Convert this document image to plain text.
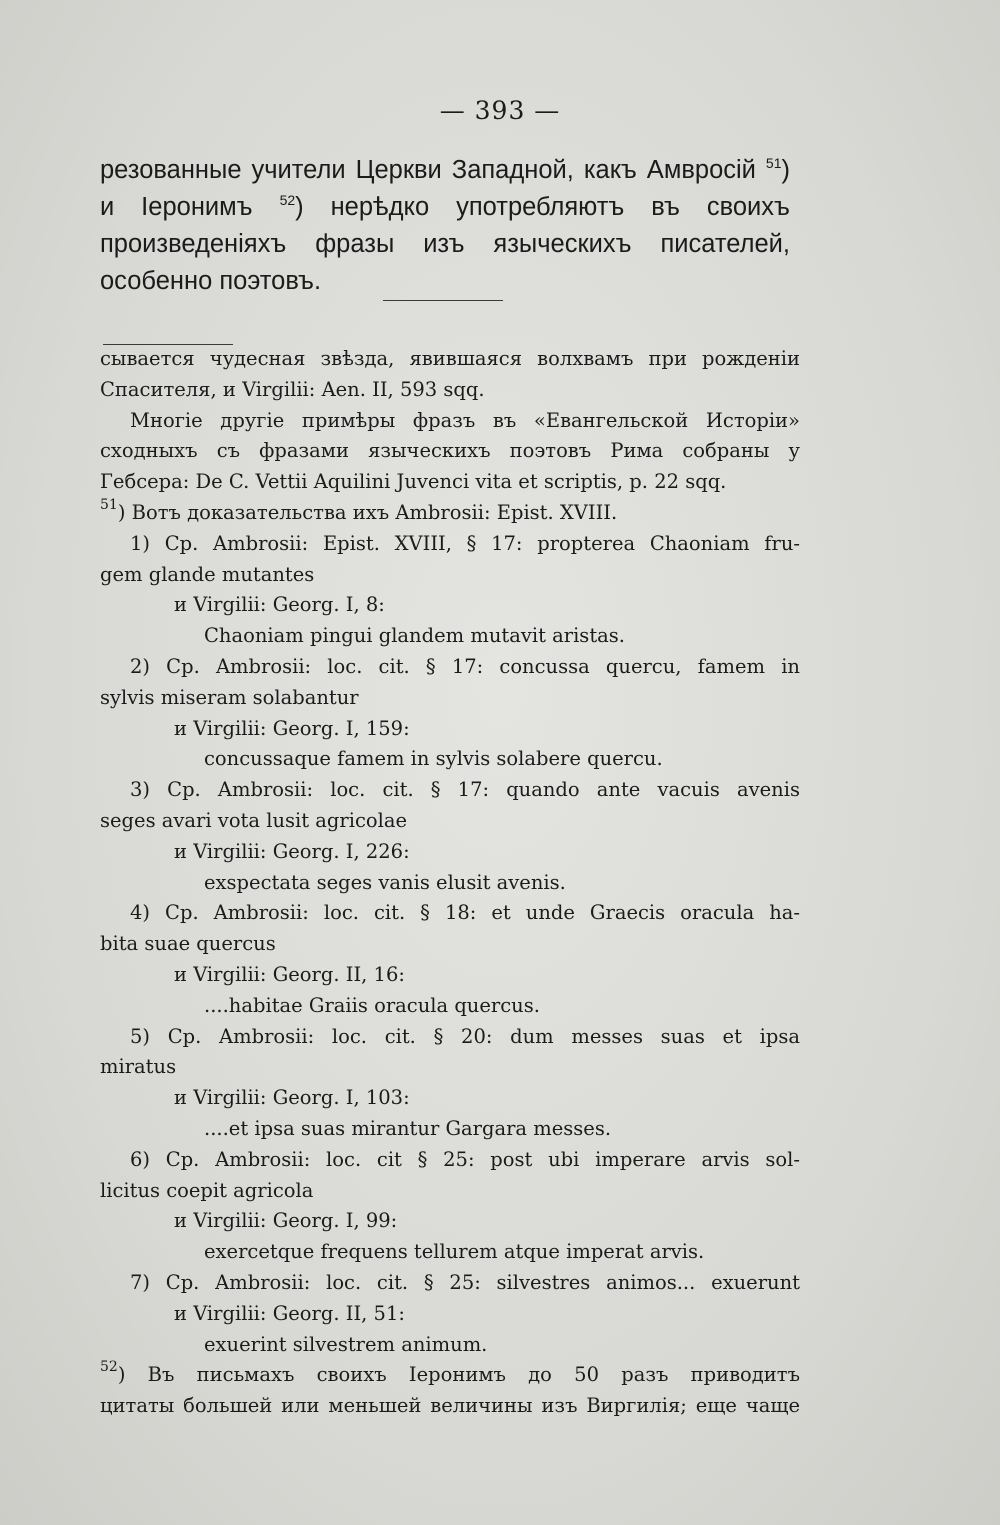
— 393 —
резованные учители Церкви Западной, какъ Амвросій $^{51}$)
и Іеронимъ $^{52}$) нерѣдко употребляютъ въ своихъ
произведеніяхъ фразы изъ языческихъ писателей,
особенно поэтовъ.
сывается чудесная звѣзда, явившаяся волхвамъ при рожденіи
Спасителя, и Virgilii: Aen. II, 593 sqq.
Многіе другіе примѣры фразъ въ «Евангельской Исторіи»
сходныхъ съ фразами языческихъ поэтовъ Рима собраны у
Гебсера: De C. Vettii Aquilini Juvenci vita et scriptis, p. 22 sqq.
$^{51}$) Вотъ доказательства ихъ Ambrosii: Epist. XVIII.
1) Ср. Ambrosii: Epist. XVIII, § 17: propterea Chaoniam fru-
gem glande mutantes
и Virgilii: Georg. I, 8:
Chaoniam pingui glandem mutavit aristas.
2) Ср. Ambrosii: loc. cit. § 17: concussa quercu, famem in
sylvis miseram solabantur
и Virgilii: Georg. I, 159:
concussaque famem in sylvis solabere quercu.
3) Ср. Ambrosii: loc. cit. § 17: quando ante vacuis avenis
seges avari vota lusit agricolae
и Virgilii: Georg. I, 226:
exspectata seges vanis elusit avenis.
4) Ср. Ambrosii: loc. cit. § 18: et unde Graecis oracula ha-
bita suae quercus
и Virgilii: Georg. II, 16:
....habitae Graiis oracula quercus.
5) Ср. Ambrosii: loc. cit. § 20: dum messes suas et ipsa
miratus
и Virgilii: Georg. I, 103:
....et ipsa suas mirantur Gargara messes.
6) Ср. Ambrosii: loc. cit § 25: post ubi imperare arvis sol-
licitus coepit agricola
и Virgilii: Georg. I, 99:
exercetque frequens tellurem atque imperat arvis.
7) Ср. Ambrosii: loc. cit. § 25: silvestres animos... exuerunt
и Virgilii: Georg. II, 51:
exuerint silvestrem animum.
$^{52}$) Въ письмахъ своихъ Іеронимъ до 50 разъ приводитъ
цитаты большей или меньшей величины изъ Виргилія; еще чаще
